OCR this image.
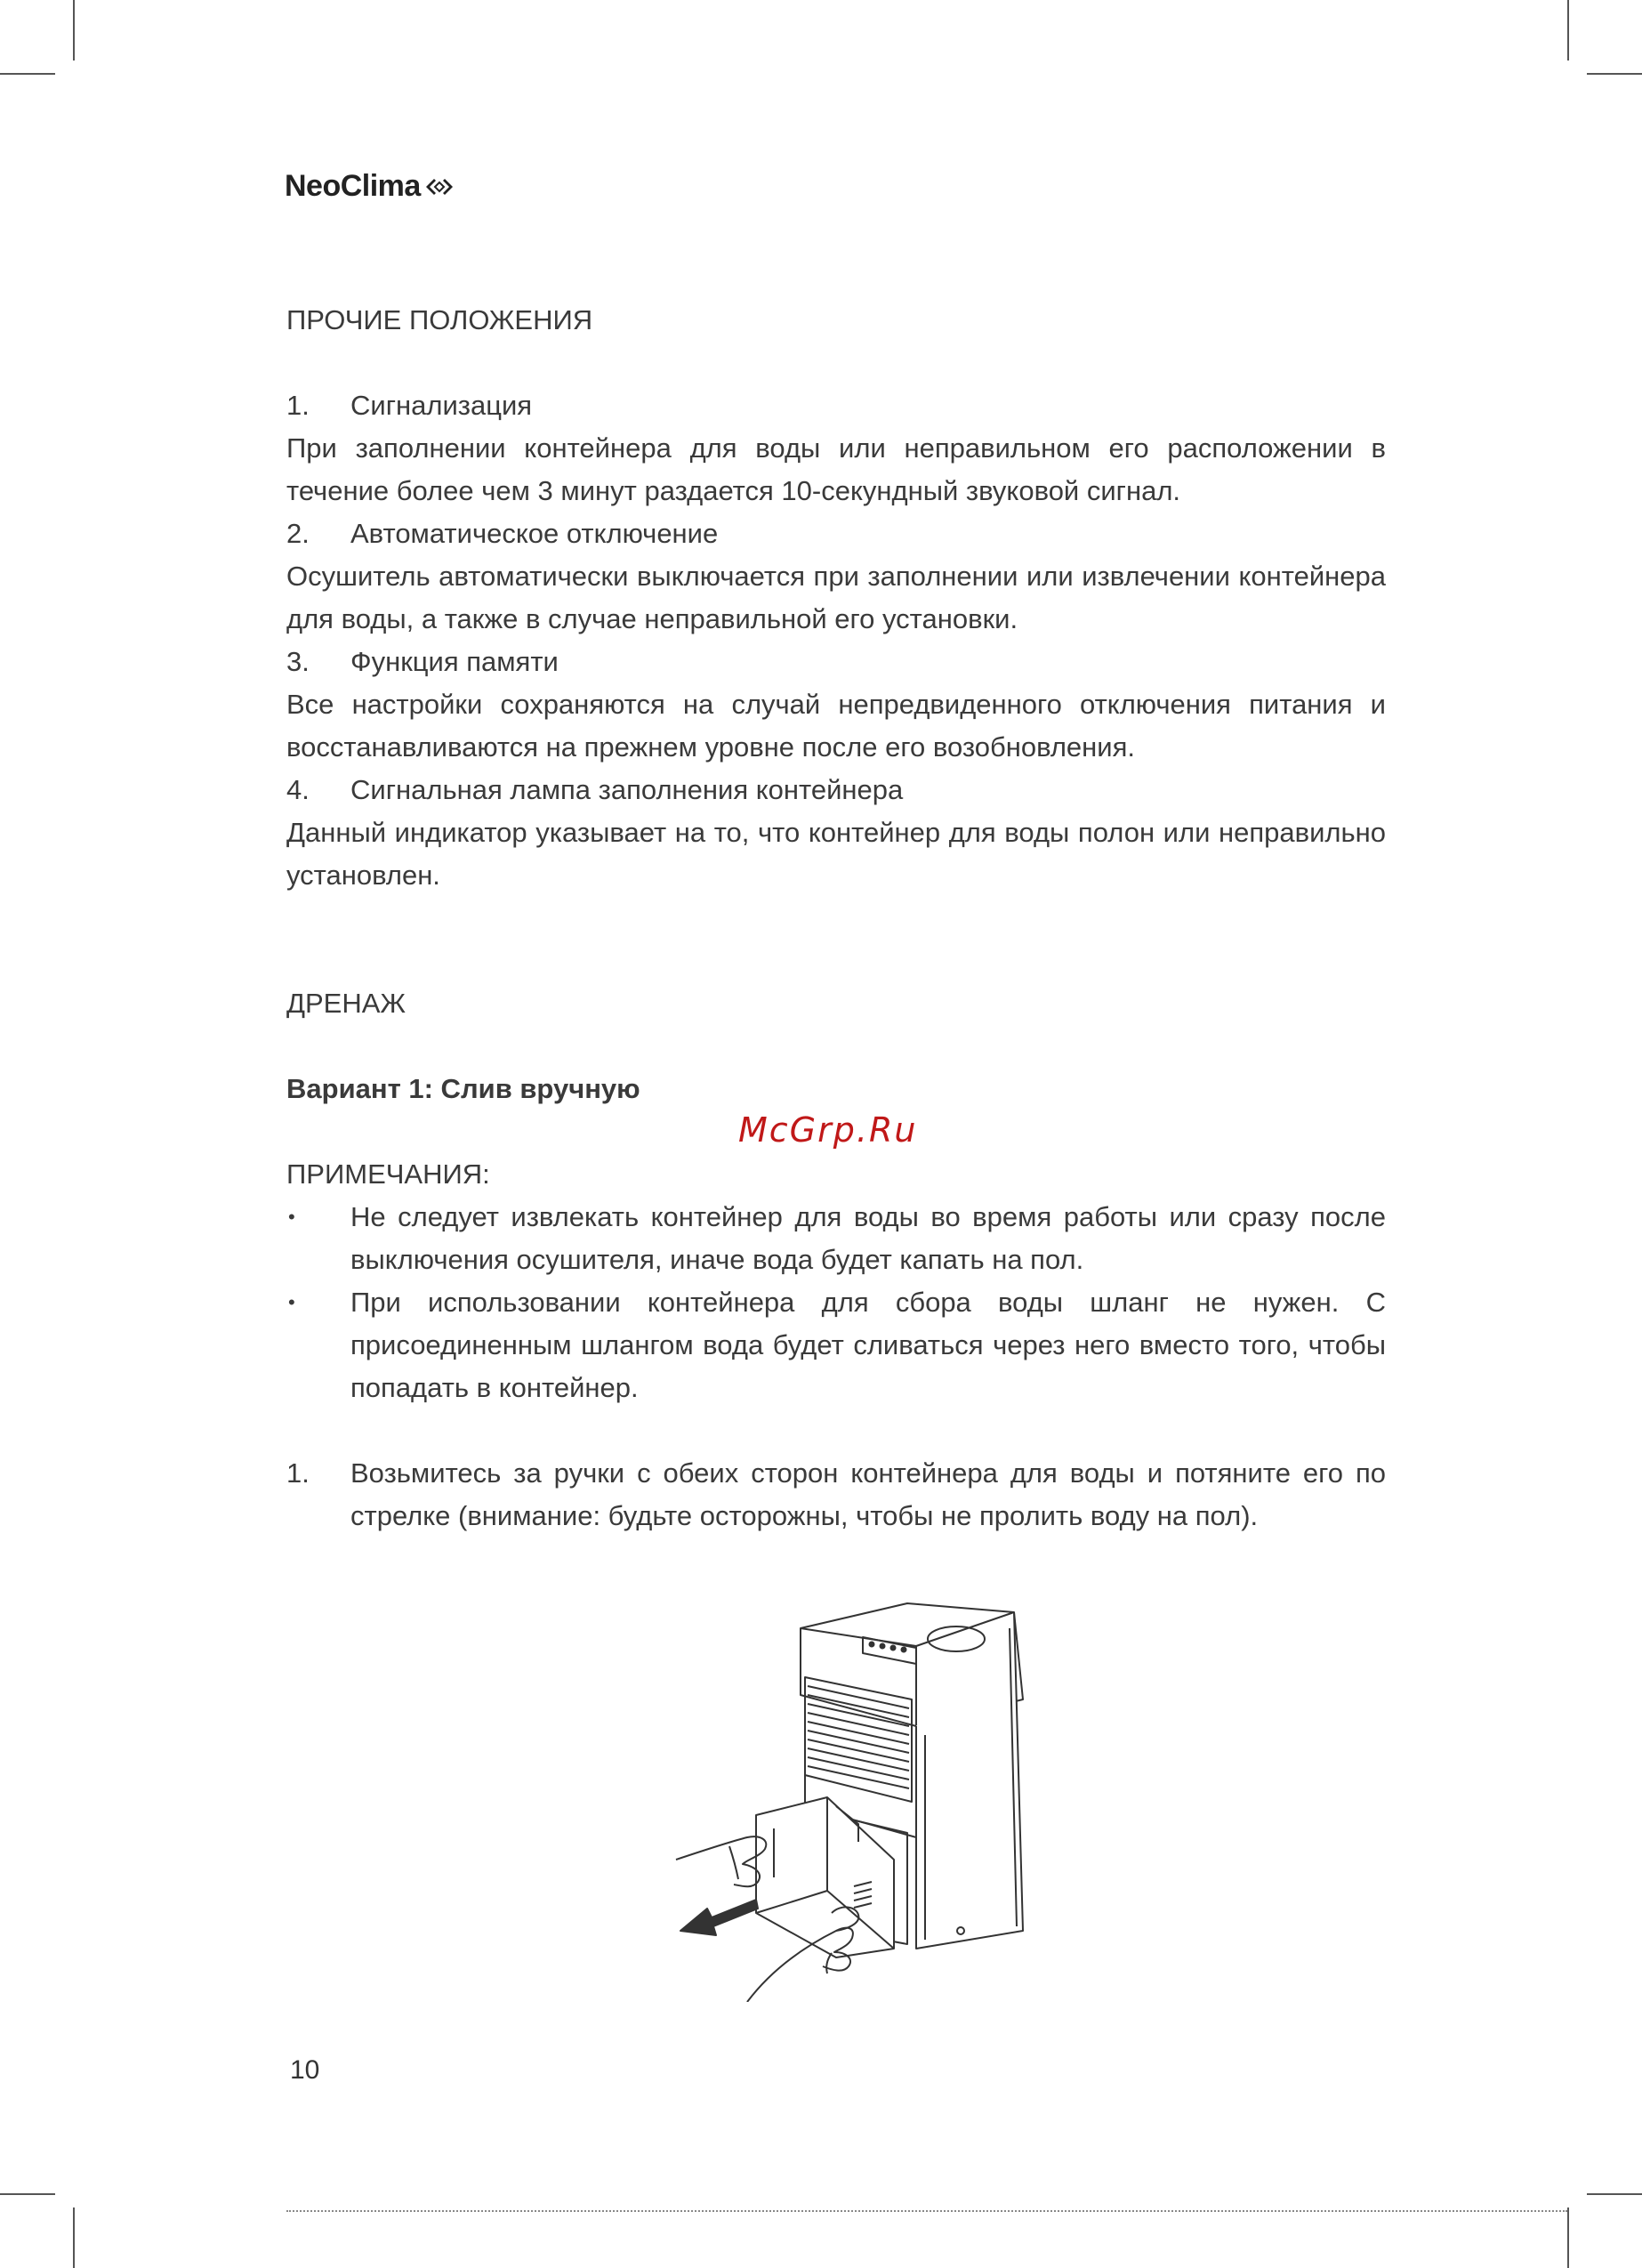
NeoClima
ПРОЧИЕ ПОЛОЖЕНИЯ
1. Сигнализация
При заполнении контейнера для воды или неправильном его расположении в течение более чем 3 минут раздается 10-секундный звуковой сигнал.
2. Автоматическое отключение
Осушитель автоматически выключается при заполнении или извлечении контейнера для воды, а также в случае неправильной его установки.
3. Функция памяти
Все настройки сохраняются на случай непредвиденного отключения питания и восстанавливаются на прежнем уровне после его возобновления.
4. Сигнальная лампа заполнения контейнера
Данный индикатор указывает на то, что контейнер для воды полон или неправильно установлен.
ДРЕНАЖ
Вариант 1: Слив вручную
ПРИМЕЧАНИЯ:
• Не следует извлекать контейнер для воды во время работы или сразу после выключения осушителя, иначе вода будет капать на пол.
• При использовании контейнера для сбора воды шланг не нужен. С присоединенным шлангом вода будет сливаться через него вместо того, чтобы попадать в контейнер.
1. Возьмитесь за ручки с обеих сторон контейнера для воды и потяните его по стрелке (внимание: будьте осторожны, чтобы не пролить воду на пол).
McGrp.Ru
10
